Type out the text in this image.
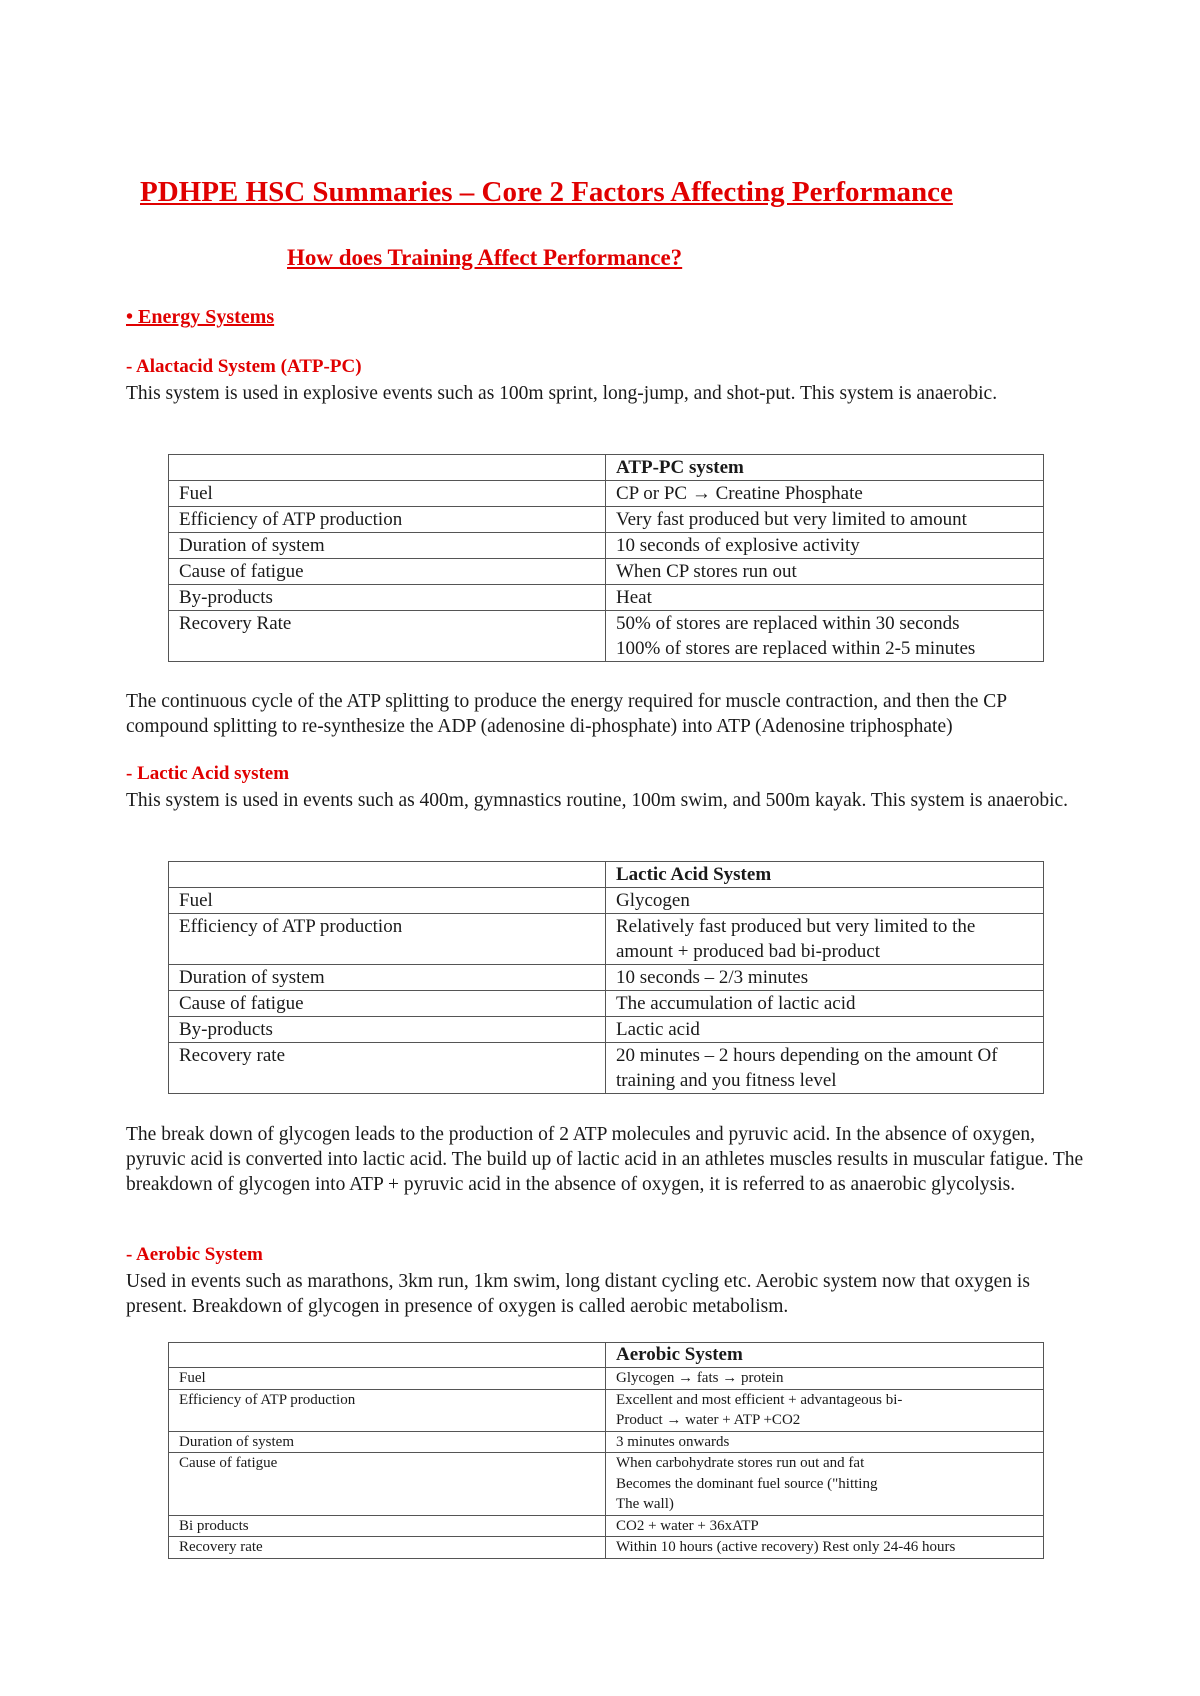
PDHPE HSC Summaries – Core 2 Factors Affecting Performance
How does Training Affect Performance?
• Energy Systems
- Alactacid System (ATP-PC)

This system is used in explosive events such as 100m sprint, long-jump, and shot-put. This system is anaerobic.

	ATP-PC system
Fuel	CP or PC → Creatine Phosphate
Efficiency of ATP production	Very fast produced but very limited to amount
Duration of system	10 seconds of explosive activity
Cause of fatigue	When CP stores run out
By-products	Heat
Recovery Rate	50% of stores are replaced within 30 seconds
100% of stores are replaced within 2-5 minutes

The continuous cycle of the ATP splitting to produce the energy required for muscle contraction, and then the CP compound splitting to re-synthesize the ADP (adenosine di-phosphate) into ATP (Adenosine triphosphate)

- Lactic Acid system

This system is used in events such as 400m, gymnastics routine, 100m swim, and 500m kayak. This system is anaerobic.

	Lactic Acid System
Fuel	Glycogen
Efficiency of ATP production	Relatively fast produced but very limited to the amount + produced bad bi-product
Duration of system	10 seconds – 2/3 minutes
Cause of fatigue	The accumulation of lactic acid
By-products	Lactic acid
Recovery rate	20 minutes – 2 hours depending on the amount Of training and you fitness level

The break down of glycogen leads to the production of 2 ATP molecules and pyruvic acid. In the absence of oxygen, pyruvic acid is converted into lactic acid. The build up of lactic acid in an athletes muscles results in muscular fatigue. The breakdown of glycogen into ATP + pyruvic acid in the absence of oxygen, it is referred to as anaerobic glycolysis.

- Aerobic System

Used in events such as marathons, 3km run, 1km swim, long distant cycling etc. Aerobic system now that oxygen is present. Breakdown of glycogen in presence of oxygen is called aerobic metabolism.

	Aerobic System
Fuel	Glycogen → fats → protein
Efficiency of ATP production	Excellent and most efficient + advantageous bi-
Product → water + ATP +CO2
Duration of system	3 minutes onwards
Cause of fatigue	When carbohydrate stores run out and fat
Becomes the dominant fuel source ("hitting
The wall)
Bi products	CO2 + water + 36xATP
Recovery rate	Within 10 hours (active recovery) Rest only 24-46 hours
